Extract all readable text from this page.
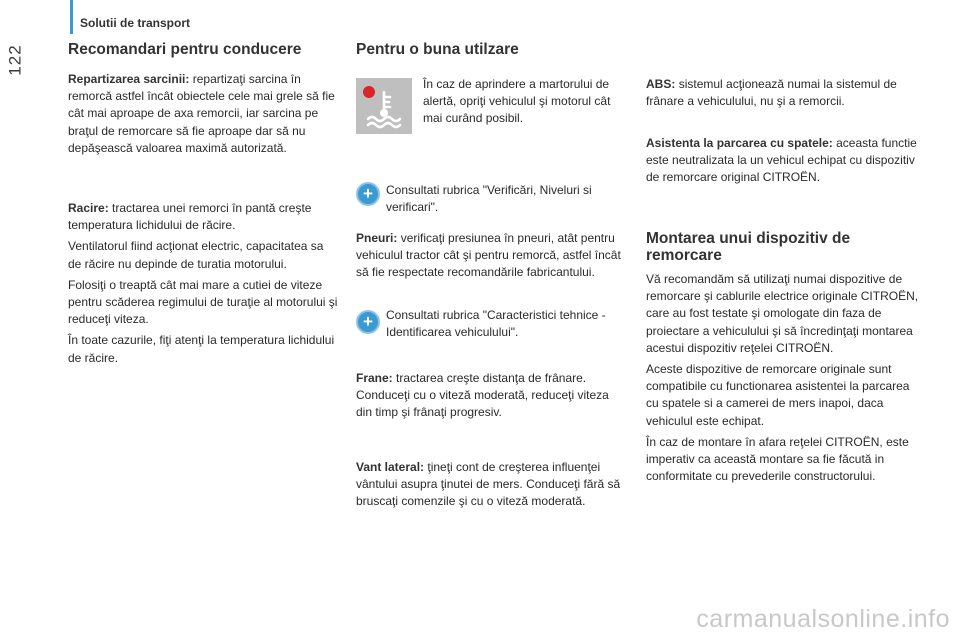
122
Solutii de transport
Recomandari pentru conducere

Repartizarea sarcinii: repartizaţi sarcina în remorcă astfel încât obiectele cele mai grele să fie cât mai aproape de axa remorcii, iar sarcina pe braţul de remorcare să fie aproape dar să nu depăşească valoarea maximă autorizată.

Racire: tractarea unei remorci în pantă creşte temperatura lichidului de răcire.

Ventilatorul fiind acţionat electric, capacitatea sa de răcire nu depinde de turatia motorului.

Folosiţi o treaptă cât mai mare a cutiei de viteze pentru scăderea regimului de turaţie al motorului şi reduceţi viteza.

În toate cazurile, fiţi atenţi la temperatura lichidului de răcire.

Pentru o buna utilzare

În caz de aprindere a martorului de alertă, opriţi vehiculul şi motorul cât mai curând posibil.

+ Consultati rubrica "Verificări, Niveluri si verificari".

Pneuri: verificaţi presiunea în pneuri, atât pentru vehiculul tractor cât şi pentru remorcă, astfel încât să fie respectate recomandările fabricantului.

+ Consultati rubrica "Caracteristici tehnice - Identificarea vehiculului".

Frane: tractarea creşte distanţa de frânare. Conduceţi cu o viteză moderată, reduceţi viteza din timp şi frânaţi progresiv.

Vant lateral: ţineţi cont de creşterea influenţei vântului asupra ţinutei de mers. Conduceţi fără să bruscaţi comenzile şi cu o viteză moderată.

ABS: sistemul acţionează numai la sistemul de frânare a vehiculului, nu şi a remorcii.

Asistenta la parcarea cu spatele: aceasta functie este neutralizata la un vehicul echipat cu dispozitiv de remorcare original CITROËN.

Montarea unui dispozitiv de remorcare

Vă recomandăm să utilizaţi numai dispozitive de remorcare şi cablurile electrice originale CITROËN, care au fost testate şi omologate din faza de proiectare a vehiculului şi să încredinţaţi montarea acestui dispozitiv reţelei CITROËN.

Aceste dispozitive de remorcare originale sunt compatibile cu functionarea asistentei la parcarea cu spatele si a camerei de mers inapoi, daca vehiculul este echipat.

În caz de montare în afara reţelei CITROËN, este imperativ ca această montare sa fie făcută in conformitate cu prevederile constructorului.

carmanualsonline.info
